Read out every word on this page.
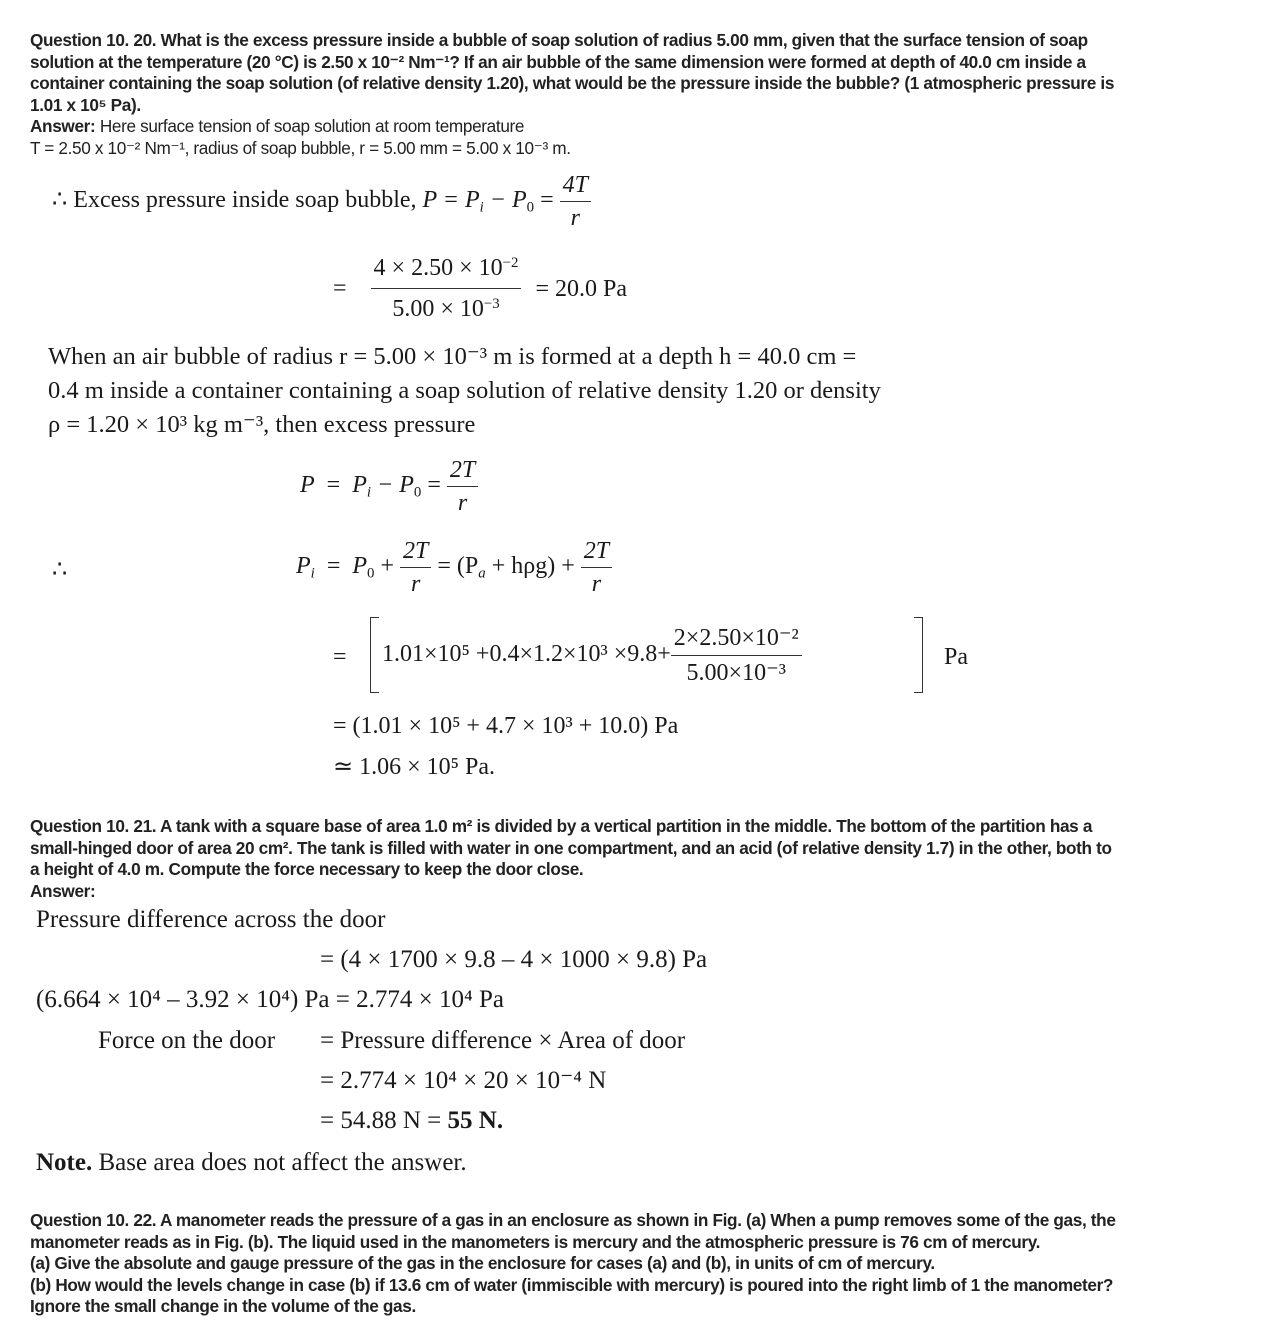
Question 10. 20. What is the excess pressure inside a bubble of soap solution of radius 5.00 mm, given that the surface tension of soap

solution at the temperature (20 °C) is 2.50 x 10⁻² Nm⁻¹? If an air bubble of the same dimension were formed at depth of 40.0 cm inside a

container containing the soap solution (of relative density 1.20), what would be the pressure inside the bubble? (1 atmospheric pressure is

1.01 x 10⁵ Pa).

Answer: Here surface tension of soap solution at room temperature
T = 2.50 x 10⁻² Nm⁻¹, radius of soap bubble, r = 5.00 mm = 5.00 x 10⁻³ m.
∴ Excess pressure inside soap bubble, $P = P_i - P_0 = \frac{4T}{r}$
= $\frac{4 \times 2.50 \times 10^{-2}}{5.00 \times 10^{-3}} = 20.0$ Pa
When an air bubble of radius r = 5.00 × 10⁻³ m is formed at a depth h = 40.0 cm =
0.4 m inside a container containing a soap solution of relative density 1.20 or density
ρ = 1.20 × 10³ kg m⁻³, then excess pressure
$P = P_i - P_0 = \frac{2T}{r}$
∴	$P_i = P_0 + \frac{2T}{r} = (P_a + h\rho g) + \frac{2T}{r}$
= $1.01\times 10^5 +0.4\times 1.2\times 10^3 \times 9.8+ \frac{\text{2×2.50×10⁻²}}{\text{5.00×10⁻³}}$	Pa
= (1.01 × 10⁵ + 4.7 × 10³ + 10.0) Pa
≃ 1.06 × 10⁵ Pa.

Question 10. 21. A tank with a square base of area 1.0 m² is divided by a vertical partition in the middle. The bottom of the partition has a

small-hinged door of area 20 cm². The tank is filled with water in one compartment, and an acid (of relative density 1.7) in the other, both to

a height of 4.0 m. Compute the force necessary to keep the door close.

Answer:

Pressure difference across the door
= (4 × 1700 × 9.8 – 4 × 1000 × 9.8) Pa
(6.664 × 10⁴ – 3.92 × 10⁴) Pa = 2.774 × 10⁴ Pa
Force on the door = Pressure difference × Area of door
= 2.774 × 10⁴ × 20 × 10⁻⁴ N
= 54.88 N = 55 N.
Note. Base area does not affect the answer.

Question 10. 22. A manometer reads the pressure of a gas in an enclosure as shown in Fig. (a) When a pump removes some of the gas, the

manometer reads as in Fig. (b). The liquid used in the manometers is mercury and the atmospheric pressure is 76 cm of mercury.

(a) Give the absolute and gauge pressure of the gas in the enclosure for cases (a) and (b), in units of cm of mercury.

(b) How would the levels change in case (b) if 13.6 cm of water (immiscible with mercury) is poured into the right limb of 1 the manometer?

Ignore the small change in the volume of the gas.
